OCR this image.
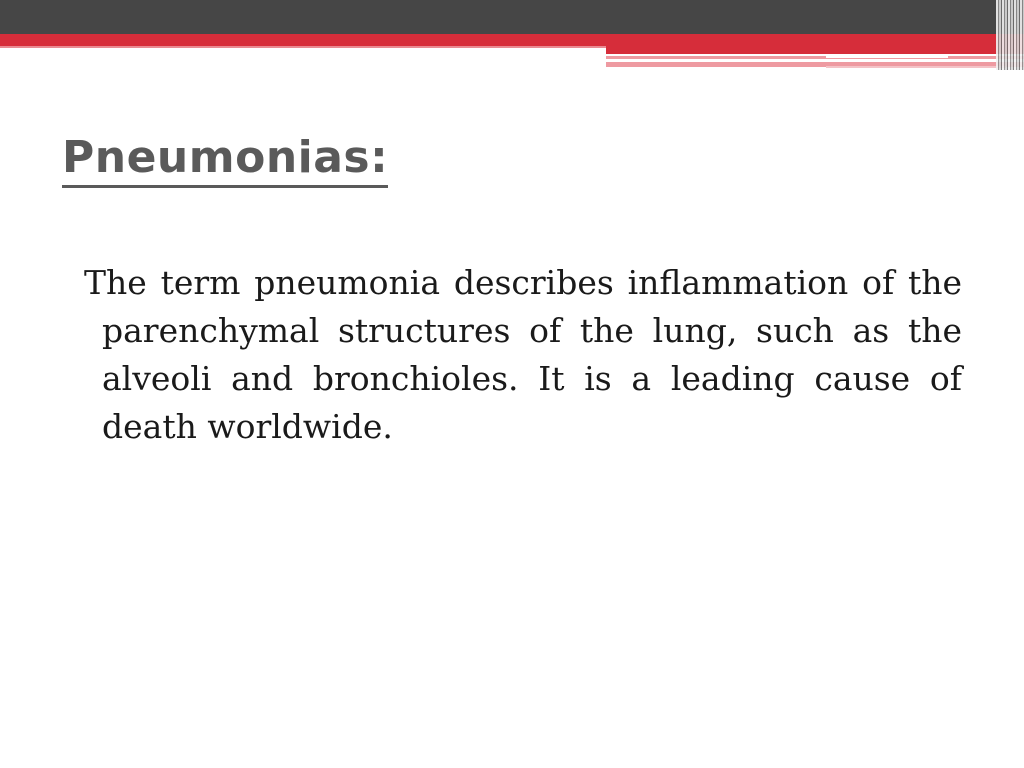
Pneumonias:

The term pneumonia describes inflammation of the parenchymal structures of the lung, such as the alveoli and bronchioles. It is a leading cause of death worldwide.
